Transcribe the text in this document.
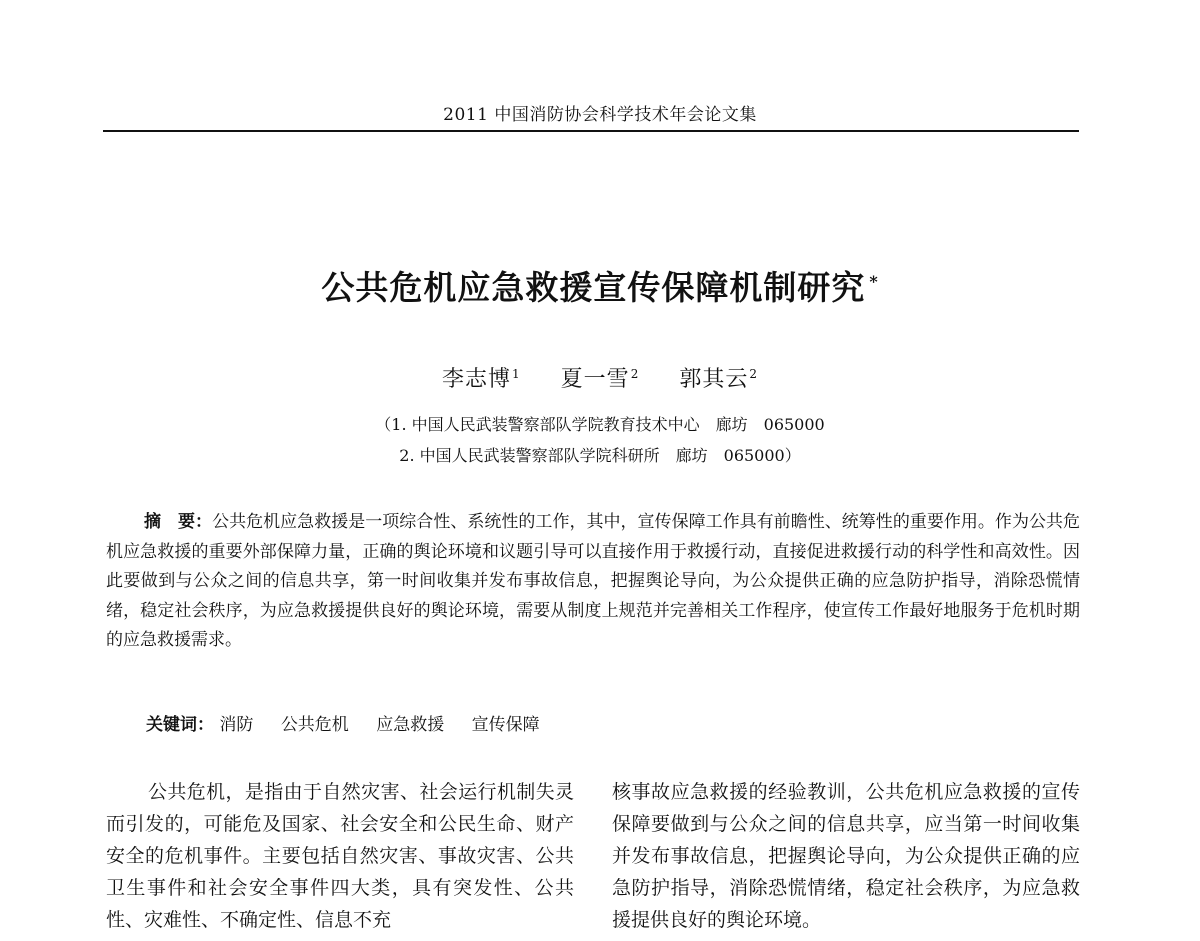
2011 中国消防协会科学技术年会论文集
公共危机应急救援宣传保障机制研究 *
李志博$^1$ 夏一雪$^2$ 郭其云$^2$
（1. 中国人民武装警察部队学院教育技术中心　廊坊　065000
2. 中国人民武装警察部队学院科研所　廊坊　065000）

摘　要：公共危机应急救援是一项综合性、系统性的工作，其中，宣传保障工作具有前瞻性、统筹性的重要作用。作为公共危机应急救援的重要外部保障力量，正确的舆论环境和议题引导可以直接作用于救援行动，直接促进救援行动的科学性和高效性。因此要做到与公众之间的信息共享，第一时间收集并发布事故信息，把握舆论导向，为公众提供正确的应急防护指导，消除恐慌情绪，稳定社会秩序，为应急救援提供良好的舆论环境，需要从制度上规范并完善相关工作程序，使宣传工作最好地服务于危机时期的应急救援需求。

关键词： 消防 公共危机 应急救援 宣传保障

公共危机，是指由于自然灾害、社会运行机制失灵而引发的，可能危及国家、社会安全和公民生命、财产安全的危机事件。主要包括自然灾害、事故灾害、公共卫生事件和社会安全事件四大类，具有突发性、公共性、灾难性、不确定性、信息不充

核事故应急救援的经验教训，公共危机应急救援的宣传保障要做到与公众之间的信息共享，应当第一时间收集并发布事故信息，把握舆论导向，为公众提供正确的应急防护指导，消除恐慌情绪，稳定社会秩序，为应急救援提供良好的舆论环境。
